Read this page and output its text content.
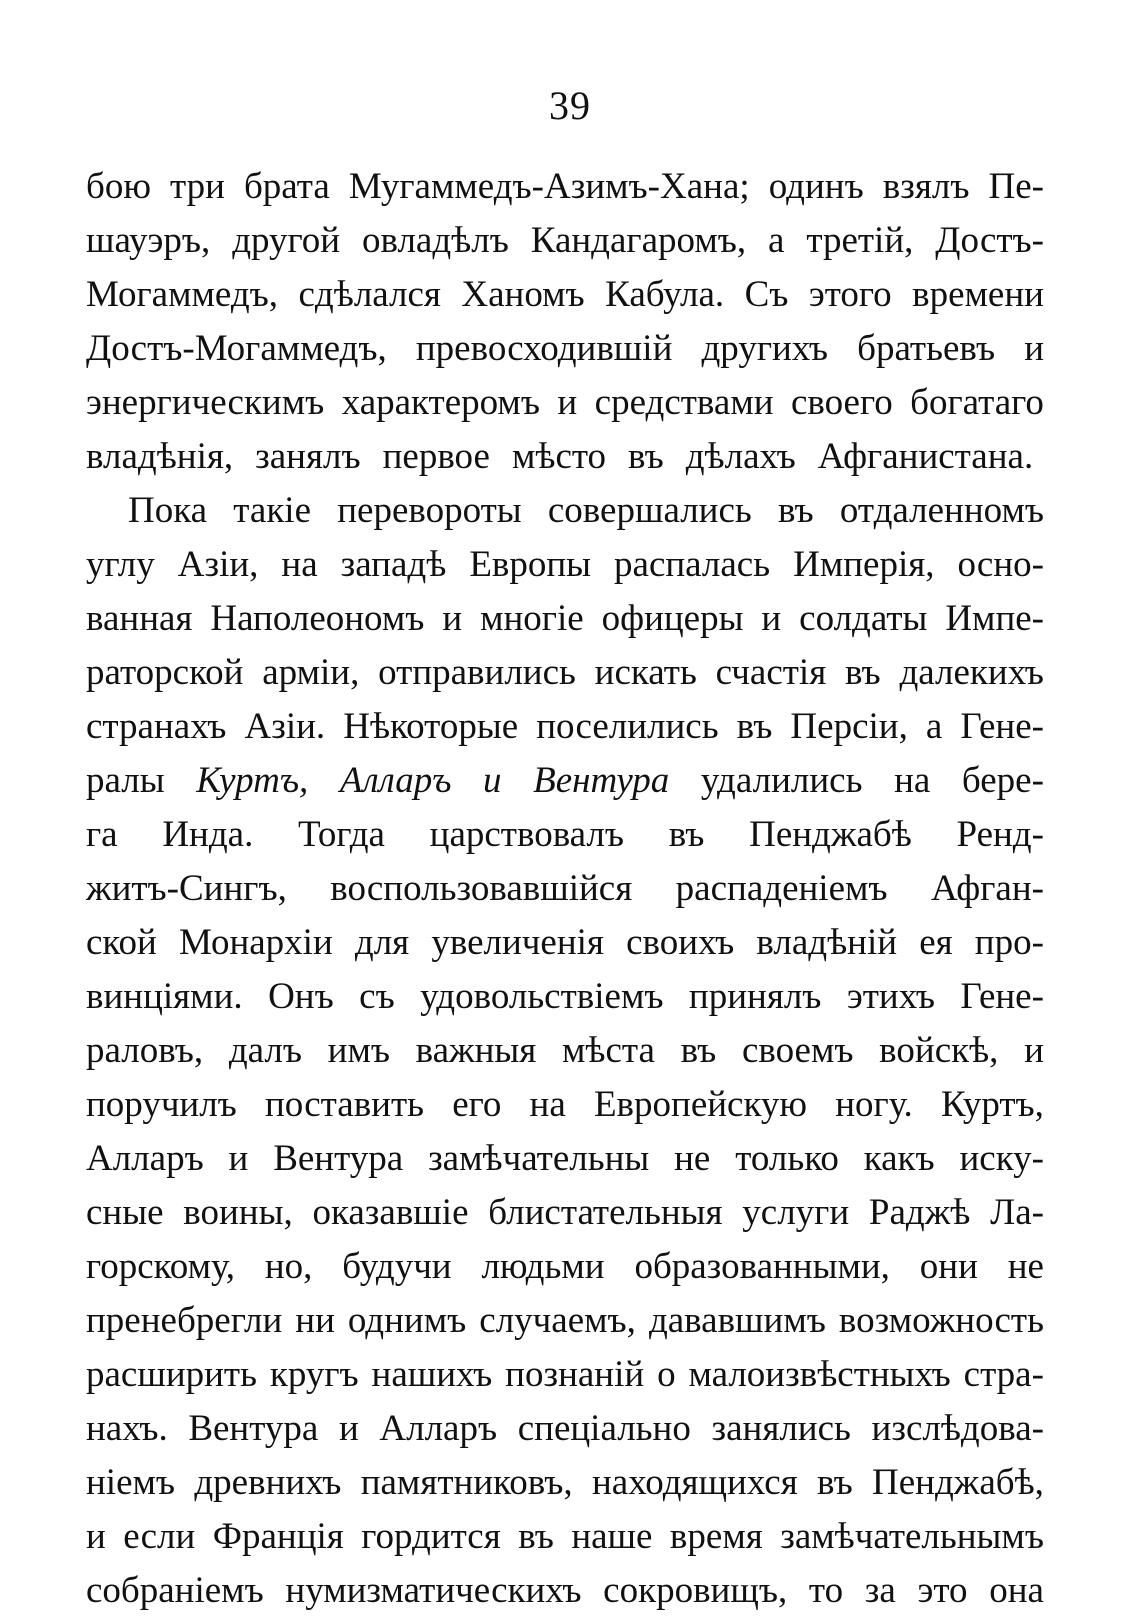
39
бою три брата Мугаммедъ-Азимъ-Хана; одинъ взялъ Пе-
шауэръ, другой овладѣлъ Кандагаромъ, а третій, Достъ-
Могаммедъ, сдѣлался Ханомъ Кабула. Съ этого времени
Достъ-Могаммедъ, превосходившій другихъ братьевъ и
энергическимъ характеромъ и средствами своего богатаго
владѣнія, занялъ первое мѣсто въ дѣлахъ Афганистана.
Пока такіе перевороты совершались въ отдаленномъ
углу Азіи, на западѣ Европы распалась Имперія, осно-
ванная Наполеономъ и многіе офицеры и солдаты Импе-
раторской арміи, отправились искать счастія въ далекихъ
странахъ Азіи. Нѣкоторые поселились въ Персіи, а Гене-
ралы Куртъ, Алларъ и Вентура удалились на бере-
га Инда. Тогда царствовалъ въ Пенджабѣ Ренд-
житъ-Сингъ, воспользовавшійся распаденіемъ Афган-
ской Монархіи для увеличенія своихъ владѣній ея про-
винціями. Онъ съ удовольствіемъ принялъ этихъ Гене-
раловъ, далъ имъ важныя мѣста въ своемъ войскѣ, и
поручилъ поставить его на Европейскую ногу. Куртъ,
Алларъ и Вентура замѣчательны не только какъ иску-
сные воины, оказавшіе блистательныя услуги Раджѣ Ла-
горскому, но, будучи людьми образованными, они не
пренебрегли ни однимъ случаемъ, дававшимъ возможность
расширить кругъ нашихъ познаній о малоизвѣстныхъ стра-
нахъ. Вентура и Алларъ спеціально занялись изслѣдова-
ніемъ древнихъ памятниковъ, находящихся въ Пенджабѣ,
и если Франція гордится въ наше время замѣчательнымъ
собраніемъ нумизматическихъ сокровищъ, то за это она
